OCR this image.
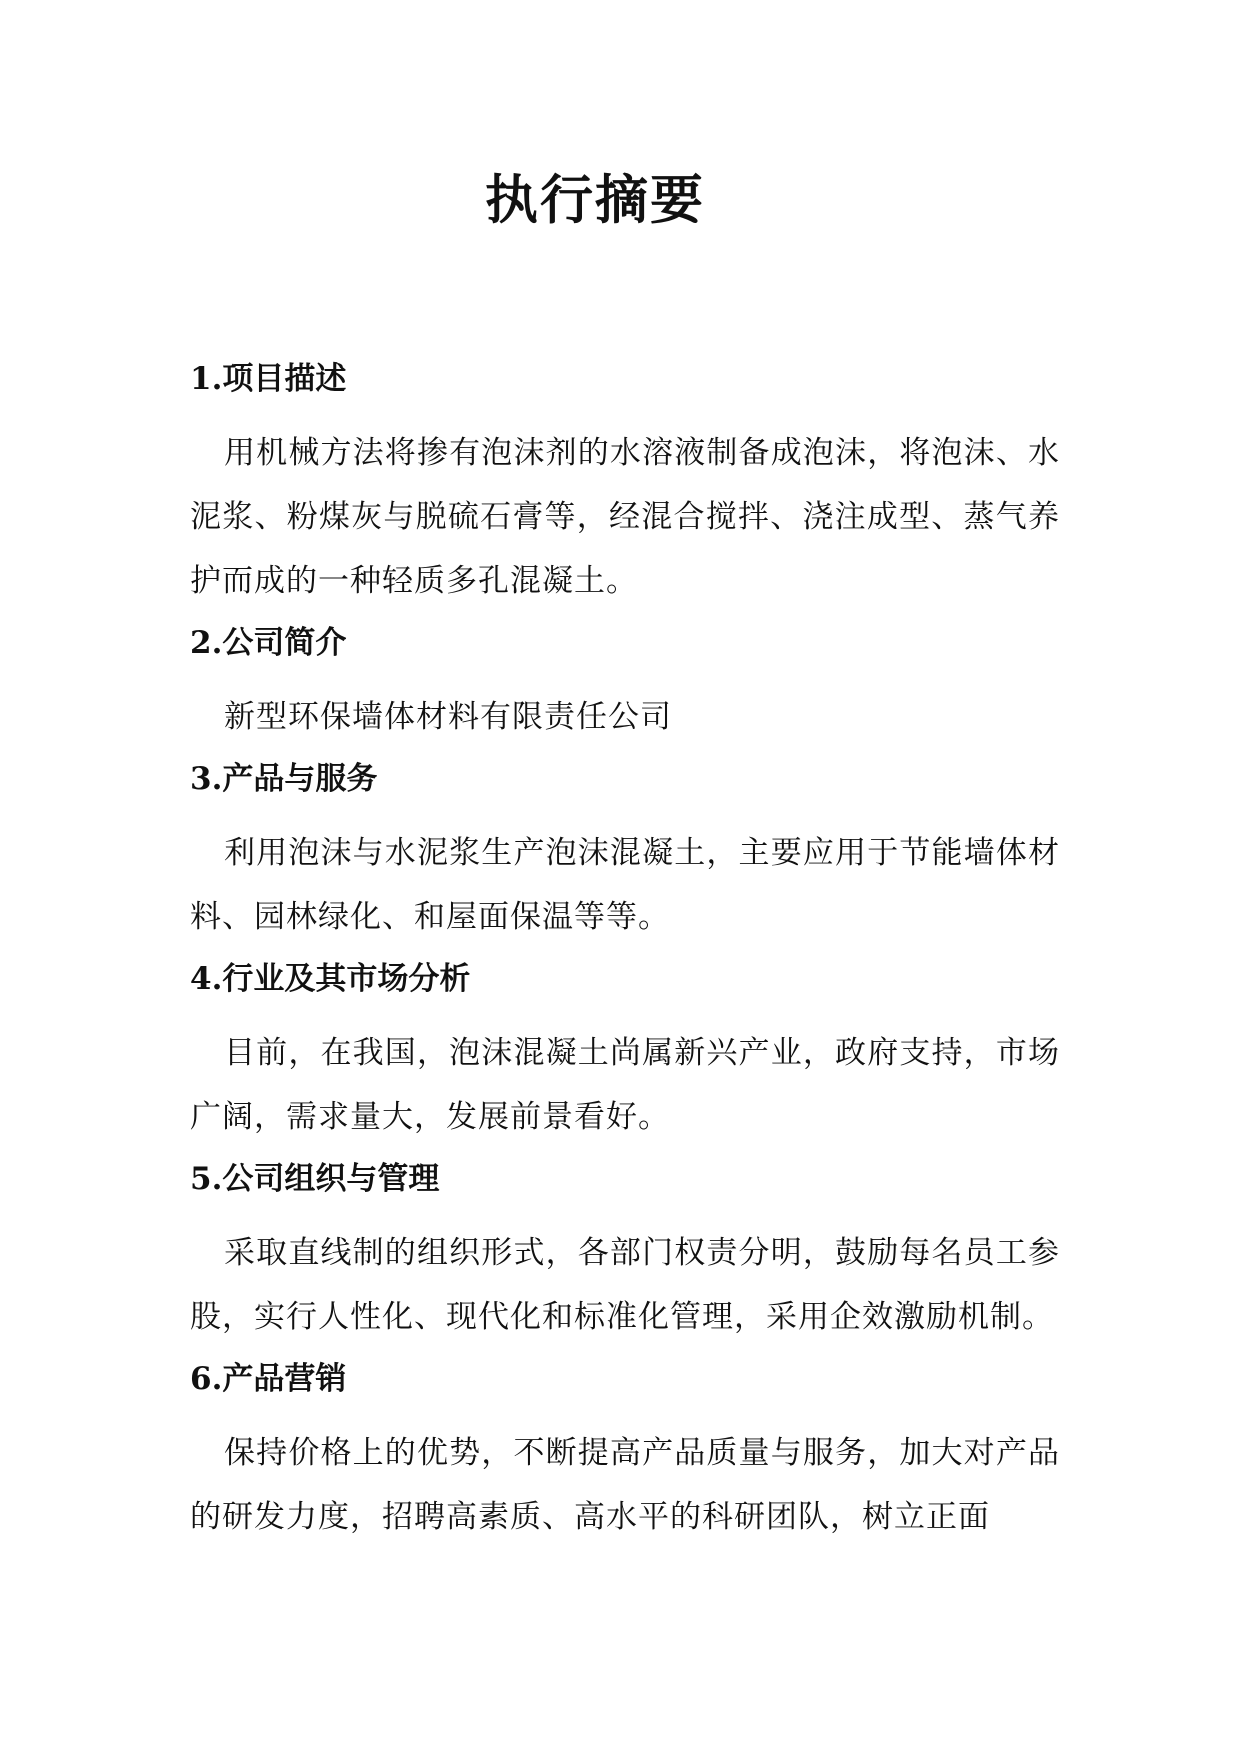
执行摘要

1.项目描述

用机械方法将掺有泡沫剂的水溶液制备成泡沫，将泡沫、水泥浆、粉煤灰与脱硫石膏等，经混合搅拌、浇注成型、蒸气养护而成的一种轻质多孔混凝土。

2.公司简介

新型环保墙体材料有限责任公司

3.产品与服务

利用泡沫与水泥浆生产泡沫混凝土，主要应用于节能墙体材料、园林绿化、和屋面保温等等。

4.行业及其市场分析

目前，在我国，泡沫混凝土尚属新兴产业，政府支持，市场广阔，需求量大，发展前景看好。

5.公司组织与管理

采取直线制的组织形式，各部门权责分明，鼓励每名员工参股，实行人性化、现代化和标准化管理，采用企效激励机制。

6.产品营销

保持价格上的优势，不断提高产品质量与服务，加大对产品的研发力度，招聘高素质、高水平的科研团队，树立正面
